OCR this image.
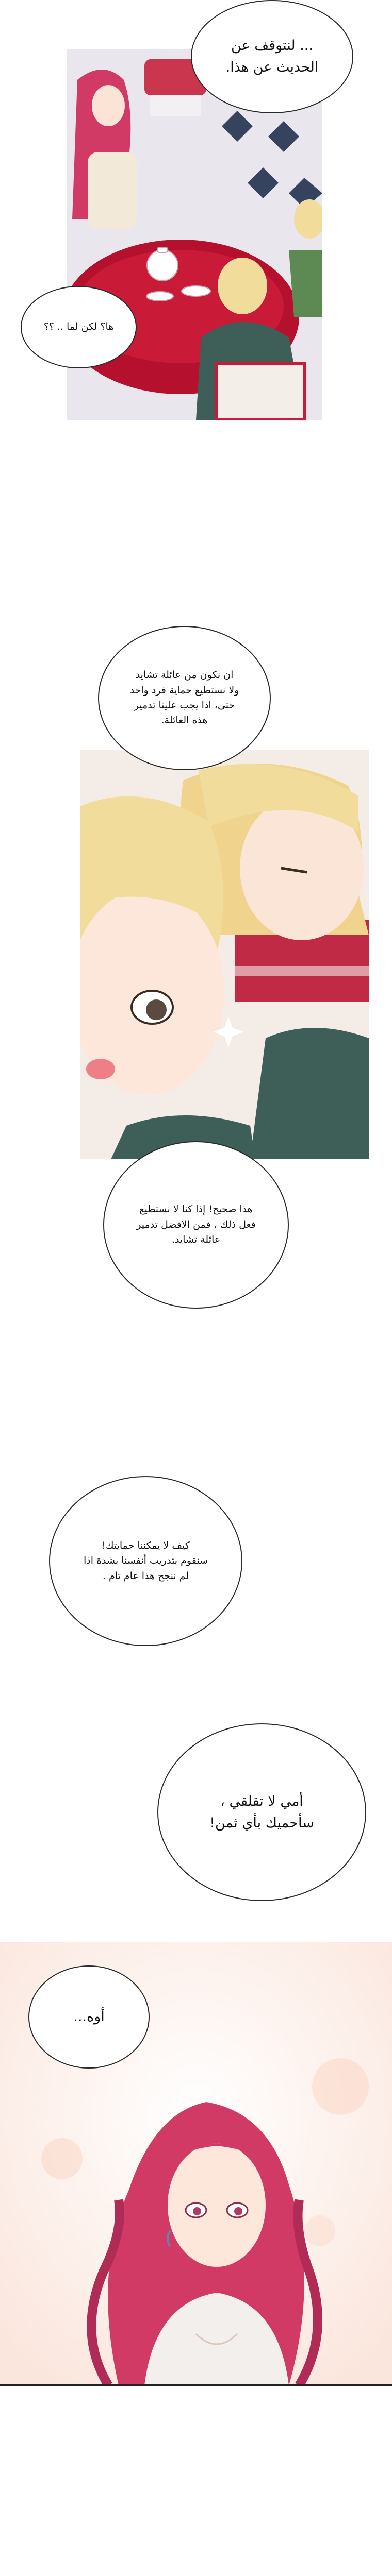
... لنتوقف عن
الحديث عن هذا.
ها؟ لكن لما .. ؟؟
ان نكون من عائلة تشايد
ولا نستطيع حماية فرد واحد
حتى، اذا يجب علينا تدمير
هذه العائلة.
هذا صحيح! إذا كنا لا نستطيع
فعل ذلك ، فمن الافضل تدمير
عائلة تشايد.
كيف لا يمكننا حمايتك!
سنقوم بتدريب أنفسنا بشدة اذا
لم ننجح هذا عام تام .
أمي لا تقلقي ،
سأحميك بأي ثمن!
أوه...
